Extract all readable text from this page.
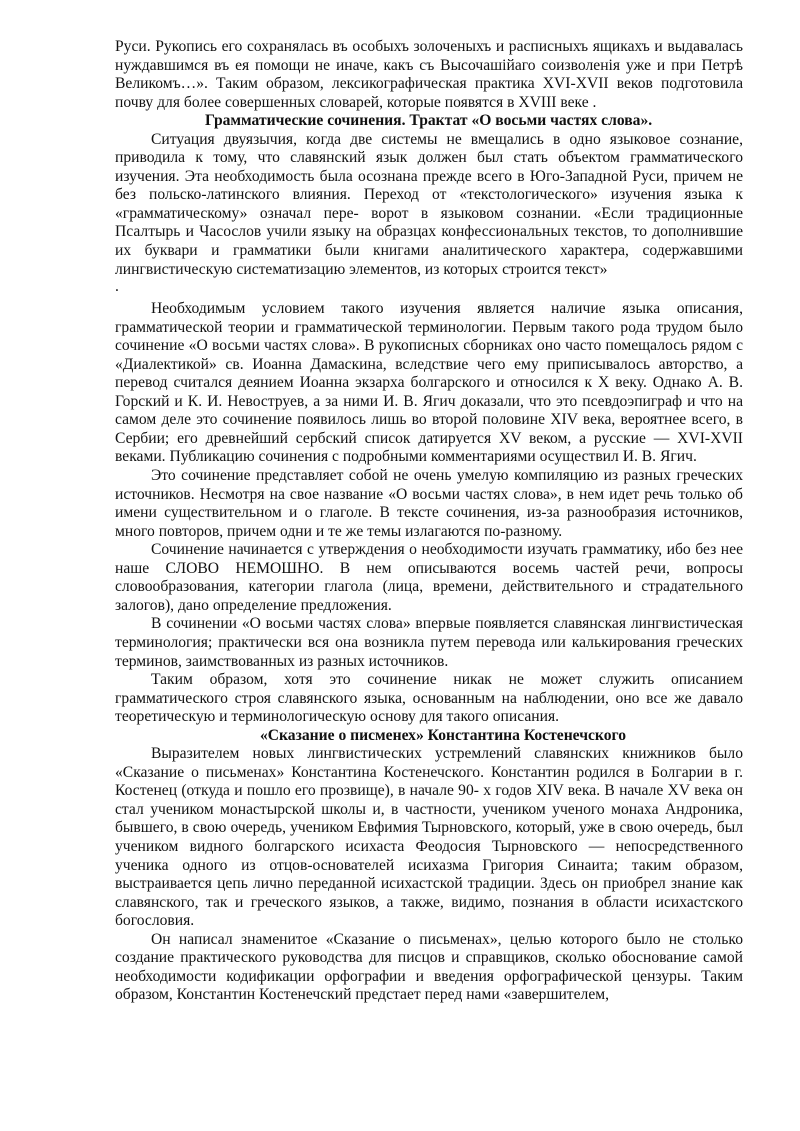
Руси. Рукопись его сохранялась въ особыхъ золоченыхъ и расписныхъ ящикахъ и выдавалась нуждавшимся въ ея помощи не иначе, какъ съ Высочашiйаго соизволенiя уже и при Петрѣ Великомъ…». Таким образом, лексикографическая практика XVI-XVII веков подготовила почву для более совершенных словарей, которые появятся в XVIII веке .

Грамматические сочинения. Трактат «О восьми частях слова».

Ситуация двуязычия, когда две системы не вмещались в одно языковое сознание, приводила к тому, что славянский язык должен был стать объектом грамматического изучения. Эта необходимость была осознана прежде всего в Юго-Западной Руси, причем не без польско-латинского влияния. Переход от «текстологического» изучения языка к «грамматическому» означал пере- ворот в языковом сознании. «Если традиционные Псалтырь и Часослов учили языку на образцах конфессиональных текстов, то дополнившие их буквари и грамматики были книгами аналитического характера, содержавшими лингвистическую систематизацию элементов, из которых строится текст»

.

Необходимым условием такого изучения является наличие языка описания, грамматической теории и грамматической терминологии. Первым такого рода трудом было сочинение «О восьми частях слова». В рукописных сборниках оно часто помещалось рядом с «Диалектикой» св. Иоанна Дамаскина, вследствие чего ему приписывалось авторство, а перевод считался деянием Иоанна экзарха болгарского и относился к X веку. Однако А. В. Горский и К. И. Невоструев, а за ними И. В. Ягич доказали, что это псевдоэпиграф и что на самом деле это сочинение появилось лишь во второй половине XIV века, вероятнее всего, в Сербии; его древнейший сербский список датируется XV веком, а русские — XVI-XVII веками. Публикацию сочинения с подробными комментариями осуществил И. В. Ягич.

Это сочинение представляет собой не очень умелую компиляцию из разных греческих источников. Несмотря на свое название «О восьми частях слова», в нем идет речь только об имени существительном и о глаголе. В тексте сочинения, из-за разнообразия источников, много повторов, причем одни и те же темы излагаются по-разному.

Сочинение начинается с утверждения о необходимости изучать грамматику, ибо без нее наше СЛОВО НЕМОШНО. В нем описываются восемь частей речи, вопросы словообразования, категории глагола (лица, времени, действительного и страдательного залогов), дано определение предложения.

В сочинении «О восьми частях слова» впервые появляется славянская лингвистическая терминология; практически вся она возникла путем перевода или калькирования греческих терминов, заимствованных из разных источников.

Таким образом, хотя это сочинение никак не может служить описанием грамматического строя славянского языка, основанным на наблюдении, оно все же давало теоретическую и терминологическую основу для такого описания.

«Сказание о писменех» Константина Костенечского

Выразителем новых лингвистических устремлений славянских книжников было «Сказание о письменах» Константина Костенечского. Константин родился в Болгарии в г. Костенец (откуда и пошло его прозвище), в начале 90- х годов XIV века. В начале XV века он стал учеником монастырской школы и, в частности, учеником ученого монаха Андроника, бывшего, в свою очередь, учеником Евфимия Тырновского, который, уже в свою очередь, был учеником видного болгарского исихаста Феодосия Тырновского — непосредственного ученика одного из отцов-основателей исихазма Григория Синаита; таким образом, выстраивается цепь лично переданной исихастской традиции. Здесь он приобрел знание как славянского, так и греческого языков, а также, видимо, познания в области исихастского богословия.

Он написал знаменитое «Сказание о письменах», целью которого было не столько создание практического руководства для писцов и справщиков, сколько обоснование самой необходимости кодификации орфографии и введения орфографической цензуры. Таким образом, Константин Костенечский предстает перед нами «завершителем,
